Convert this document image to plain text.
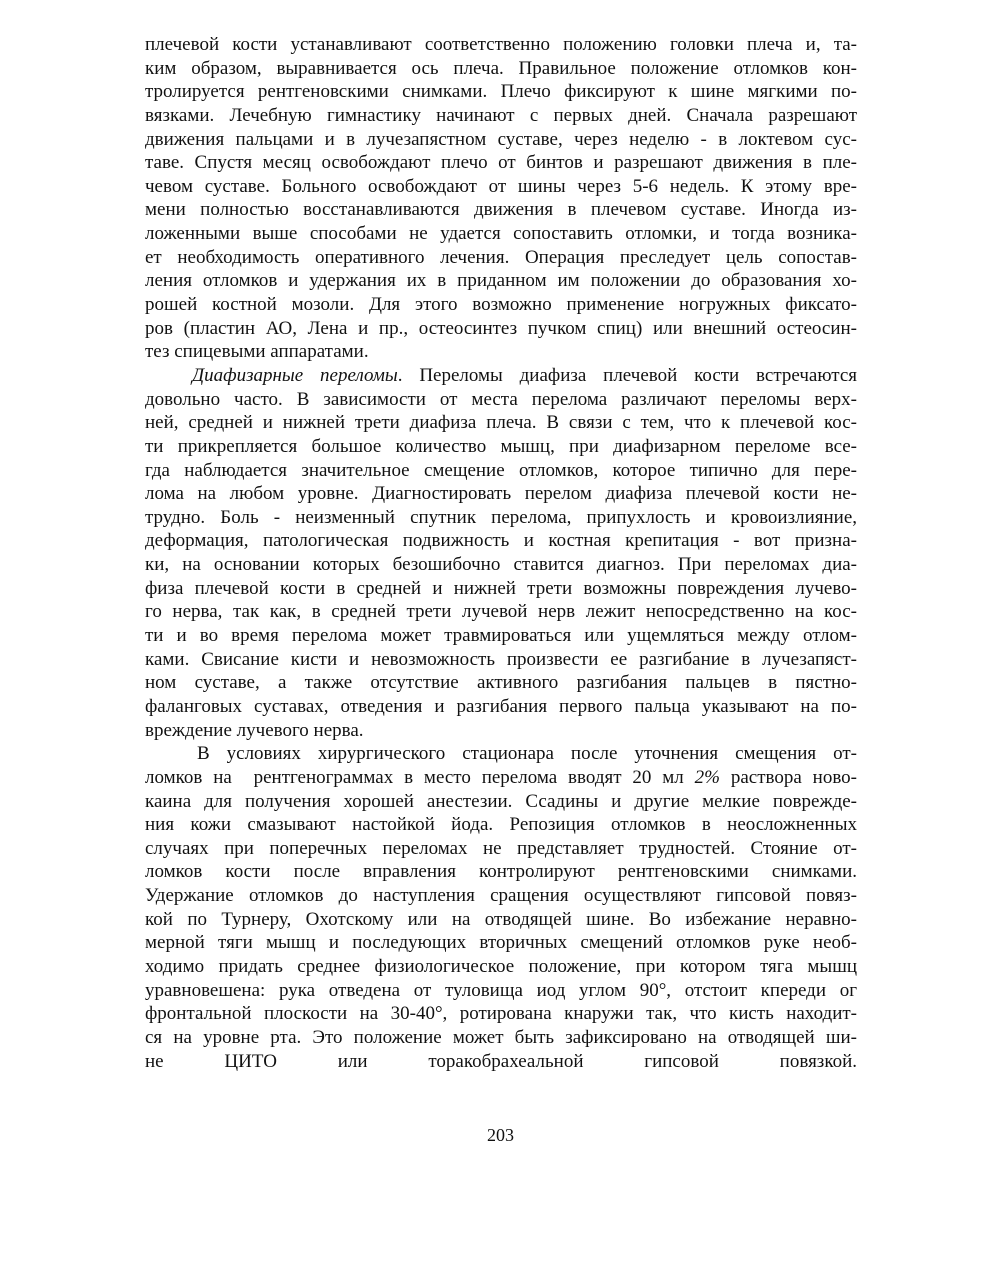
плечевой кости устанавливают соответственно положению головки плеча и, та-
ким образом, выравнивается ось плеча. Правильное положение отломков кон-
тролируется рентгеновскими снимками. Плечо фиксируют к шине мягкими по-
вязками. Лечебную гимнастику начинают с первых дней. Сначала разрешают
движения пальцами и в лучезапястном суставе, через неделю - в локтевом сус-
таве. Спустя месяц освобождают плечо от бинтов и разрешают движения в пле-
чевом суставе. Больного освобождают от шины через 5-6 недель. К этому вре-
мени полностью восстанавливаются движения в плечевом суставе. Иногда из-
ложенными выше способами не удается сопоставить отломки, и тогда возника-
ет необходимость оперативного лечения. Операция преследует цель сопостав-
ления отломков и удержания их в приданном им положении до образования хо-
рошей костной мозоли. Для этого возможно применение ногружных фиксато-
ров (пластин АО, Лена и пр., остеосинтез пучком спиц) или внешний остеосин-
тез спицевыми аппаратами.
Диафизарные переломы. Переломы диафиза плечевой кости встречаются
довольно часто. В зависимости от места перелома различают переломы верх-
ней, средней и нижней трети диафиза плеча. В связи с тем, что к плечевой кос-
ти прикрепляется большое количество мышц, при диафизарном переломе все-
гда наблюдается значительное смещение отломков, которое типично для пере-
лома на любом уровне. Диагностировать перелом диафиза плечевой кости не-
трудно. Боль - неизменный спутник перелома, припухлость и кровоизлияние,
деформация, патологическая подвижность и костная крепитация - вот призна-
ки, на основании которых безошибочно ставится диагноз. При переломах диа-
физа плечевой кости в средней и нижней трети возможны повреждения лучево-
го нерва, так как, в средней трети лучевой нерв лежит непосредственно на кос-
ти и во время перелома может травмироваться или ущемляться между отлом-
ками. Свисание кисти и невозможность произвести ее разгибание в лучезапяст-
ном суставе, а также отсутствие активного разгибания пальцев в пястно-
фаланговых суставах, отведения и разгибания первого пальца указывают на по-
вреждение лучевого нерва.
В условиях хирургического стационара после уточнения смещения от-
ломков на  рентгенограммах в место перелома вводят 20 мл 2% раствора ново-
каина для получения хорошей анестезии. Ссадины и другие мелкие поврежде-
ния кожи смазывают настойкой йода. Репозиция отломков в неосложненных
случаях при поперечных переломах не представляет трудностей. Стояние от-
ломков кости после вправления контролируют рентгеновскими снимками.
Удержание отломков до наступления сращения осуществляют гипсовой повяз-
кой по Турнеру, Охотскому или на отводящей шине. Во избежание неравно-
мерной тяги мышц и последующих вторичных смещений отломков руке необ-
ходимо придать среднее физиологическое положение, при котором тяга мышц
уравновешена: рука отведена от туловища иод углом 90°, отстоит кпереди ог
фронтальной плоскости на 30-40°, ротирована кнаружи так, что кисть находит-
ся на уровне рта. Это положение может быть зафиксировано на отводящей ши-
не ЦИТО или торакобрахеальной гипсовой повязкой.
203
